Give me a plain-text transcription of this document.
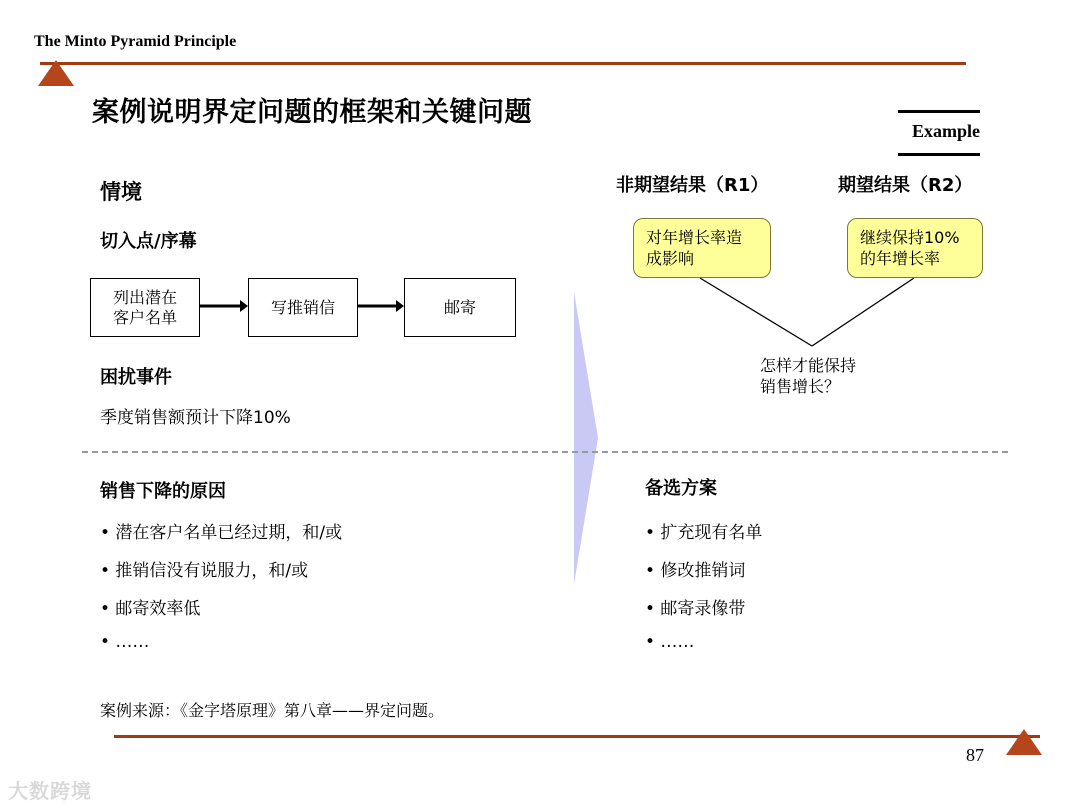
The Minto Pyramid Principle
案例说明界定问题的框架和关键问题
Example
情境
切入点/序幕
列出潜在
客户名单
写推销信	邮寄
困扰事件
季度销售额预计下降10%
非期望结果（R1）	期望结果（R2）
对年增长率造
成影响
继续保持10%
的年增长率
怎样才能保持
销售增长？
销售下降的原因
• 潜在客户名单已经过期，和/或
• 推销信没有说服力，和/或
• 邮寄效率低
• ……
备选方案
• 扩充现有名单
• 修改推销词
• 邮寄录像带
• ……
案例来源：《金字塔原理》第八章——界定问题。
87
大数跨境
